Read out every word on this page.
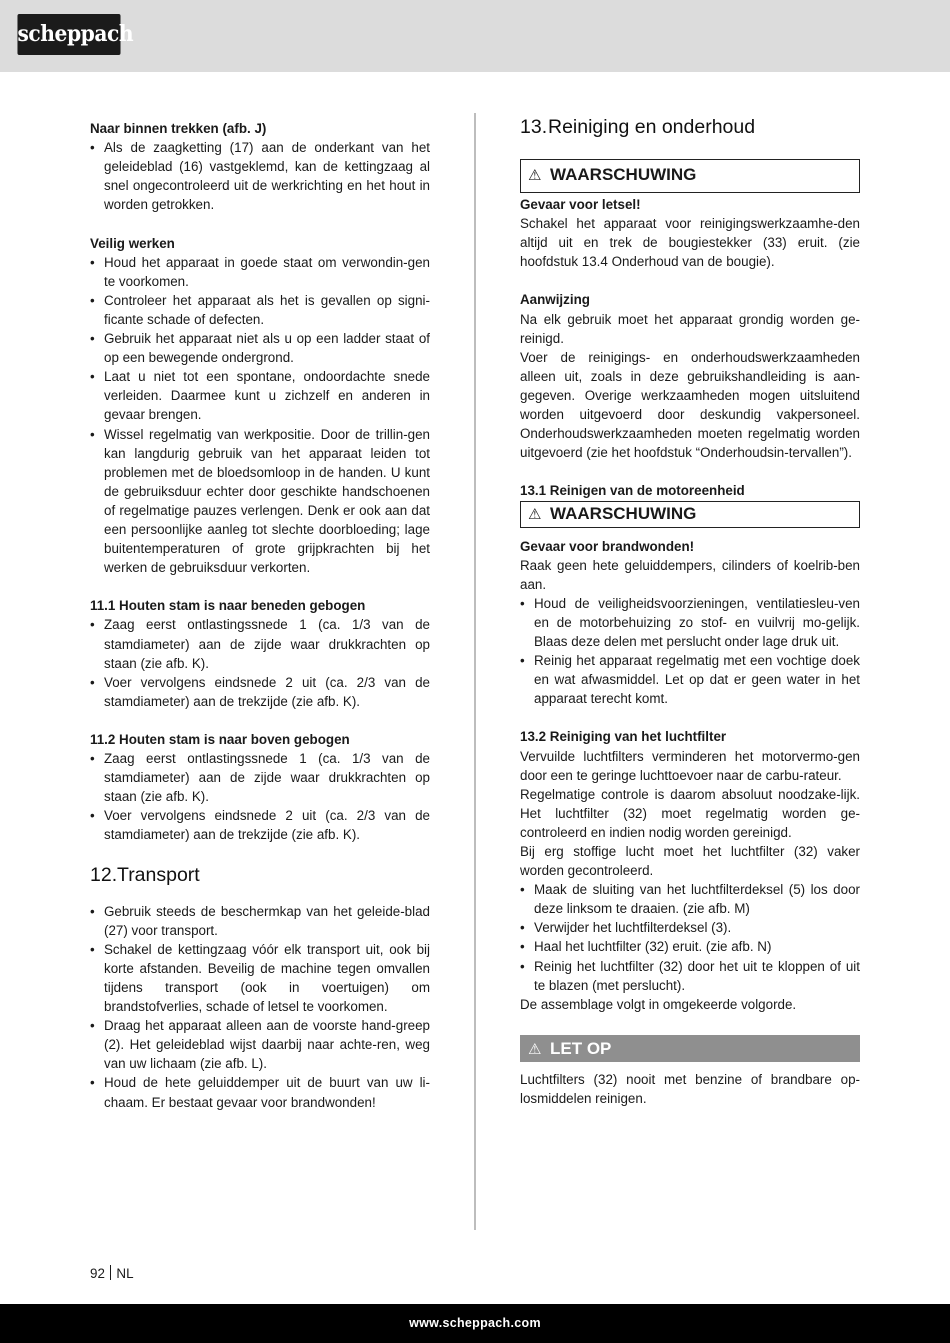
scheppach

Naar binnen trekken (afb. J)

• Als de zaagketting (17) aan de onderkant van het geleideblad (16) vastgeklemd, kan de kettingzaag al snel ongecontroleerd uit de werkrichting en het hout in worden getrokken.

Veilig werken

• Houd het apparaat in goede staat om verwondin-gen te voorkomen.
• Controleer het apparaat als het is gevallen op signi-ficante schade of defecten.
• Gebruik het apparaat niet als u op een ladder staat of op een bewegende ondergrond.
• Laat u niet tot een spontane, ondoordachte snede verleiden. Daarmee kunt u zichzelf en anderen in gevaar brengen.
• Wissel regelmatig van werkpositie. Door de trillin-gen kan langdurig gebruik van het apparaat leiden tot problemen met de bloedsomloop in de handen. U kunt de gebruiksduur echter door geschikte handschoenen of regelmatige pauzes verlengen. Denk er ook aan dat een persoonlijke aanleg tot slechte doorbloeding; lage buitentemperaturen of grote grijpkrachten bij het werken de gebruiksduur verkorten.

11.1 Houten stam is naar beneden gebogen

• Zaag eerst ontlastingssnede 1 (ca. 1/3 van de stamdiameter) aan de zijde waar drukkrachten op staan (zie afb. K).
• Voer vervolgens eindsnede 2 uit (ca. 2/3 van de stamdiameter) aan de trekzijde (zie afb. K).

11.2 Houten stam is naar boven gebogen

• Zaag eerst ontlastingssnede 1 (ca. 1/3 van de stamdiameter) aan de zijde waar drukkrachten op staan (zie afb. K).
• Voer vervolgens eindsnede 2 uit (ca. 2/3 van de stamdiameter) aan de trekzijde (zie afb. K).
12.Transport
• Gebruik steeds de beschermkap van het geleide-blad (27) voor transport.
• Schakel de kettingzaag vóór elk transport uit, ook bij korte afstanden. Beveilig de machine tegen omvallen tijdens transport (ook in voertuigen) om brandstofverlies, schade of letsel te voorkomen.
• Draag het apparaat alleen aan de voorste hand-greep (2). Het geleideblad wijst daarbij naar achte-ren, weg van uw lichaam (zie afb. L).
• Houd de hete geluiddemper uit de buurt van uw li-chaam. Er bestaat gevaar voor brandwonden!
13.Reiniging en onderhoud
⚠ WAARSCHUWING

Gevaar voor letsel!

Schakel het apparaat voor reinigingswerkzaamhe-den altijd uit en trek de bougiestekker (33) eruit. (zie hoofdstuk 13.4 Onderhoud van de bougie).

Aanwijzing

Na elk gebruik moet het apparaat grondig worden ge-reinigd.

Voer de reinigings- en onderhoudswerkzaamheden alleen uit, zoals in deze gebruikshandleiding is aan-gegeven. Overige werkzaamheden mogen uitsluitend worden uitgevoerd door deskundig vakpersoneel. Onderhoudswerkzaamheden moeten regelmatig worden uitgevoerd (zie het hoofdstuk “Onderhoudsin-tervallen”).

13.1 Reinigen van de motoreenheid

⚠ WAARSCHUWING

Gevaar voor brandwonden!

Raak geen hete geluiddempers, cilinders of koelrib-ben aan.

• Houd de veiligheidsvoorzieningen, ventilatiesleu-ven en de motorbehuizing zo stof- en vuilvrij mo-gelijk. Blaas deze delen met perslucht onder lage druk uit.
• Reinig het apparaat regelmatig met een vochtige doek en wat afwasmiddel. Let op dat er geen water in het apparaat terecht komt.

13.2 Reiniging van het luchtfilter

Vervuilde luchtfilters verminderen het motorvermo-gen door een te geringe luchttoevoer naar de carbu-rateur.

Regelmatige controle is daarom absoluut noodzake-lijk. Het luchtfilter (32) moet regelmatig worden ge-controleerd en indien nodig worden gereinigd.

Bij erg stoffige lucht moet het luchtfilter (32) vaker worden gecontroleerd.

• Maak de sluiting van het luchtfilterdeksel (5) los door deze linksom te draaien. (zie afb. M)
• Verwijder het luchtfilterdeksel (3).
• Haal het luchtfilter (32) eruit. (zie afb. N)
• Reinig het luchtfilter (32) door het uit te kloppen of uit te blazen (met perslucht).

De assemblage volgt in omgekeerde volgorde.

⚠ LET OP

Luchtfilters (32) nooit met benzine of brandbare op-losmiddelen reinigen.

92 NL
www.scheppach.com
